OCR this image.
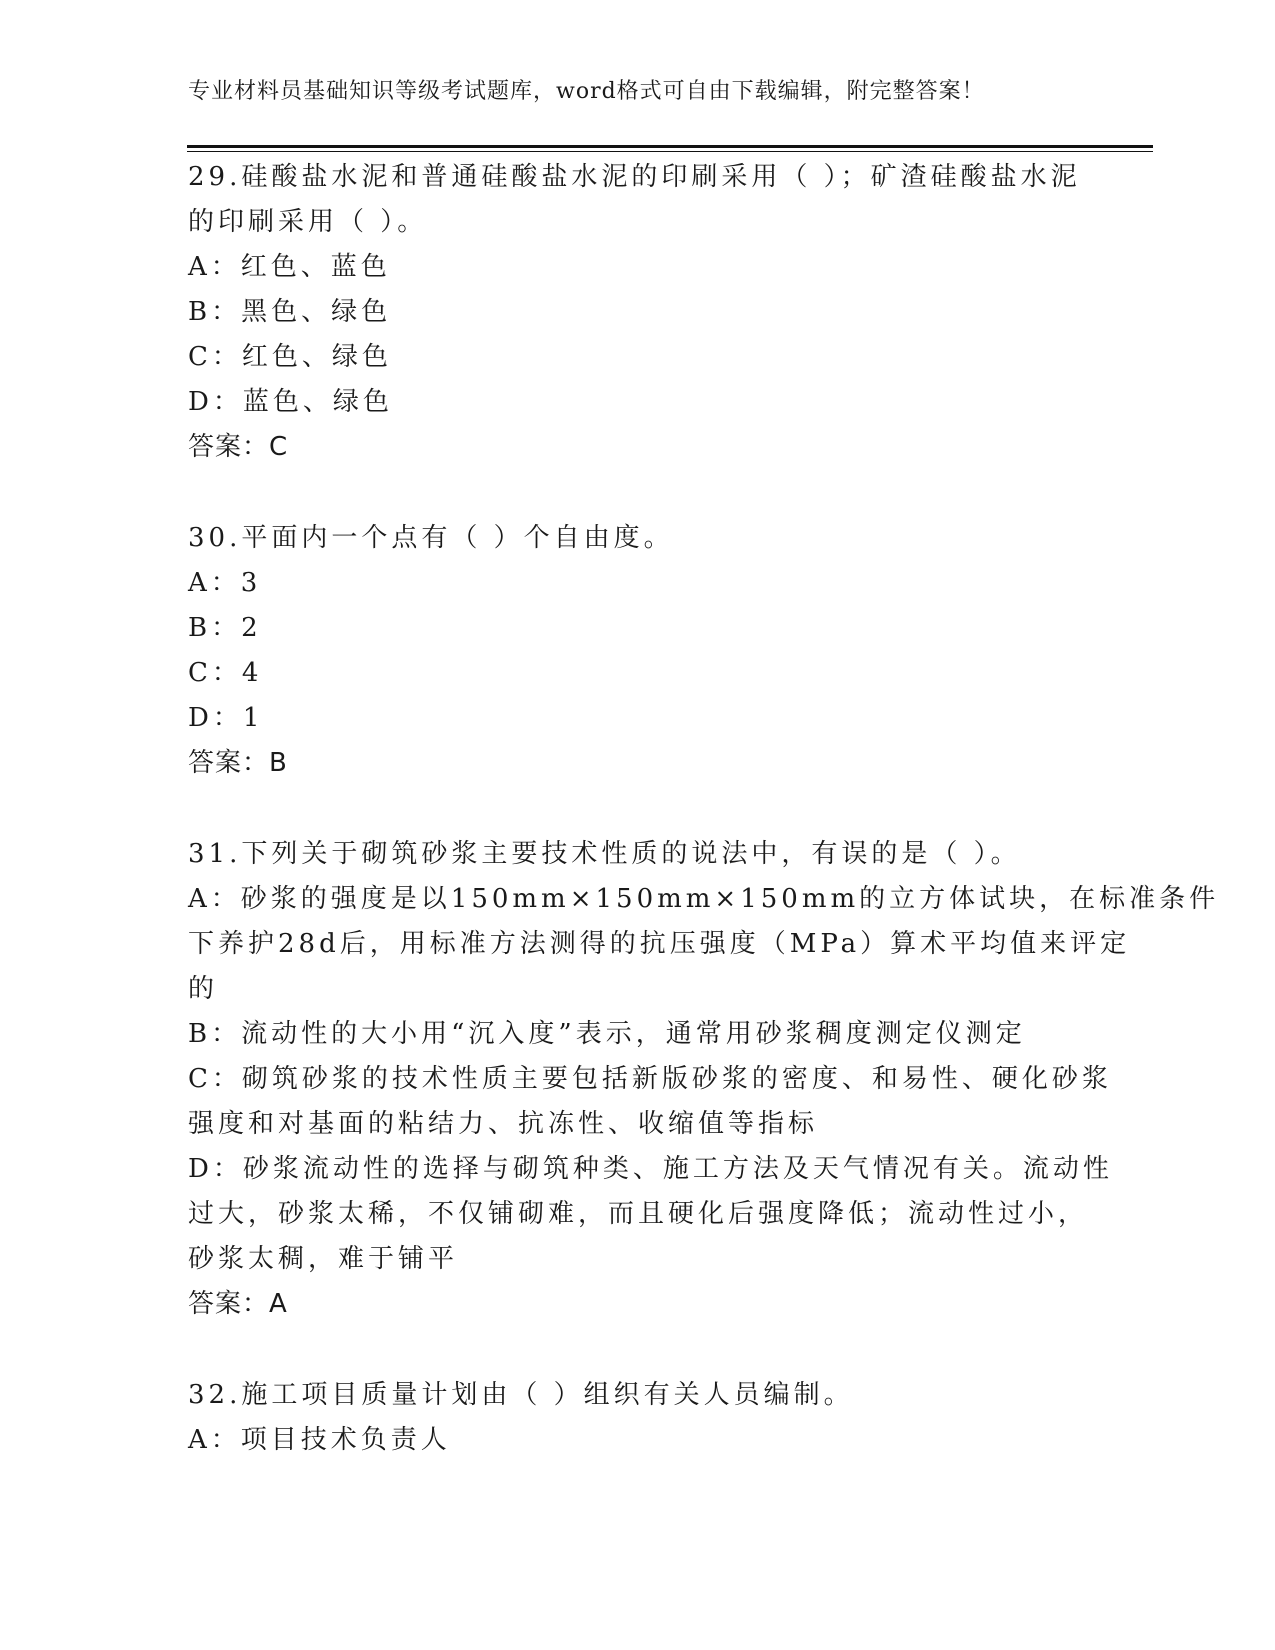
专业材料员基础知识等级考试题库，word格式可自由下载编辑，附完整答案！
29.硅酸盐水泥和普通硅酸盐水泥的印刷采用（ ）；矿渣硅酸盐水泥
的印刷采用（ ）。
A：红色、蓝色
B：黑色、绿色
C：红色、绿色
D：蓝色、绿色
答案：C
30.平面内一个点有（ ）个自由度。
A：3
B：2
C：4
D：1
答案：B
31.下列关于砌筑砂浆主要技术性质的说法中，有误的是（ ）。
A：砂浆的强度是以150mm×150mm×150mm的立方体试块，在标准条件
下养护28d后，用标准方法测得的抗压强度（MPa）算术平均值来评定
的
B：流动性的大小用“沉入度”表示，通常用砂浆稠度测定仪测定
C：砌筑砂浆的技术性质主要包括新版砂浆的密度、和易性、硬化砂浆
强度和对基面的粘结力、抗冻性、收缩值等指标
D：砂浆流动性的选择与砌筑种类、施工方法及天气情况有关。流动性
过大，砂浆太稀，不仅铺砌难，而且硬化后强度降低；流动性过小，
砂浆太稠，难于铺平
答案：A
32.施工项目质量计划由（ ）组织有关人员编制。
A：项目技术负责人
